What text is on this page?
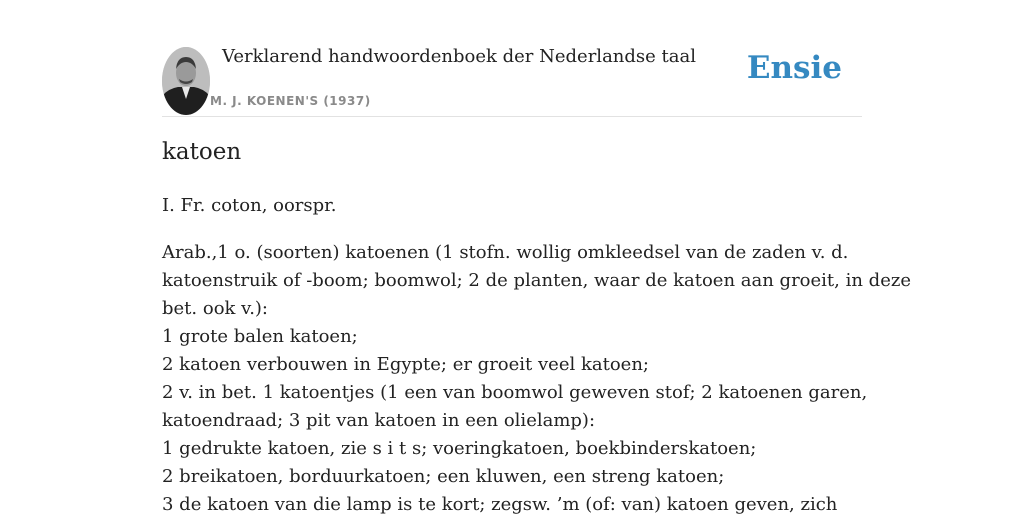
Verklarend handwoordenboek der Nederlandse taal
M. J. KOENEN'S (1937)
Ensie
katoen
I. Fr. coton, oorspr.
Arab.,1 o. (soorten) katoenen (1 stofn. wollig omkleedsel van de zaden v. d.
katoenstruik of -boom; boomwol; 2 de planten, waar de katoen aan groeit, in deze
bet. ook v.):
1 grote balen katoen;
2 katoen verbouwen in Egypte; er groeit veel katoen;
2 v. in bet. 1 katoentjes (1 een van boomwol geweven stof; 2 katoenen garen,
katoendraad; 3 pit van katoen in een olielamp):
1 gedrukte katoen, zie s i t s; voeringkatoen, boekbinderskatoen;
2 breikatoen, borduurkatoen; een kluwen, een streng katoen;
3 de katoen van die lamp is te kort; zegsw. ’m (of: van) katoen geven, zich
